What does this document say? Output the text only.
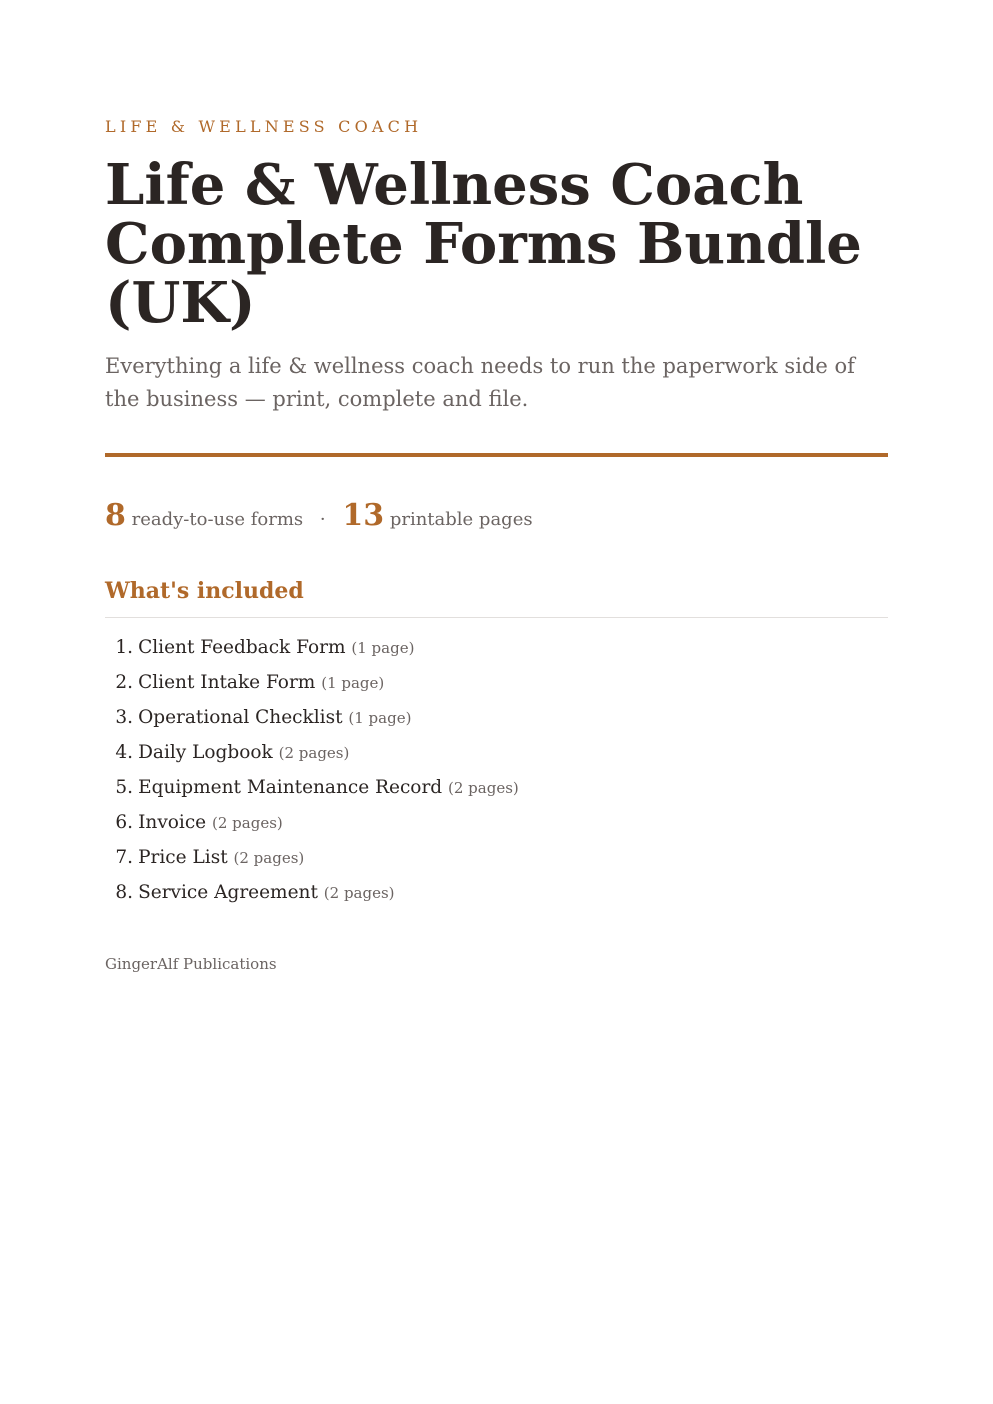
LIFE & WELLNESS COACH
Life & Wellness Coach Complete Forms Bundle (UK)

Everything a life & wellness coach needs to run the paperwork side of the business — print, complete and file.

8 ready-to-use forms · 13 printable pages
What's included
1. Client Feedback Form (1 page)
2. Client Intake Form (1 page)
3. Operational Checklist (1 page)
4. Daily Logbook (2 pages)
5. Equipment Maintenance Record (2 pages)
6. Invoice (2 pages)
7. Price List (2 pages)
8. Service Agreement (2 pages)
GingerAlf Publications
